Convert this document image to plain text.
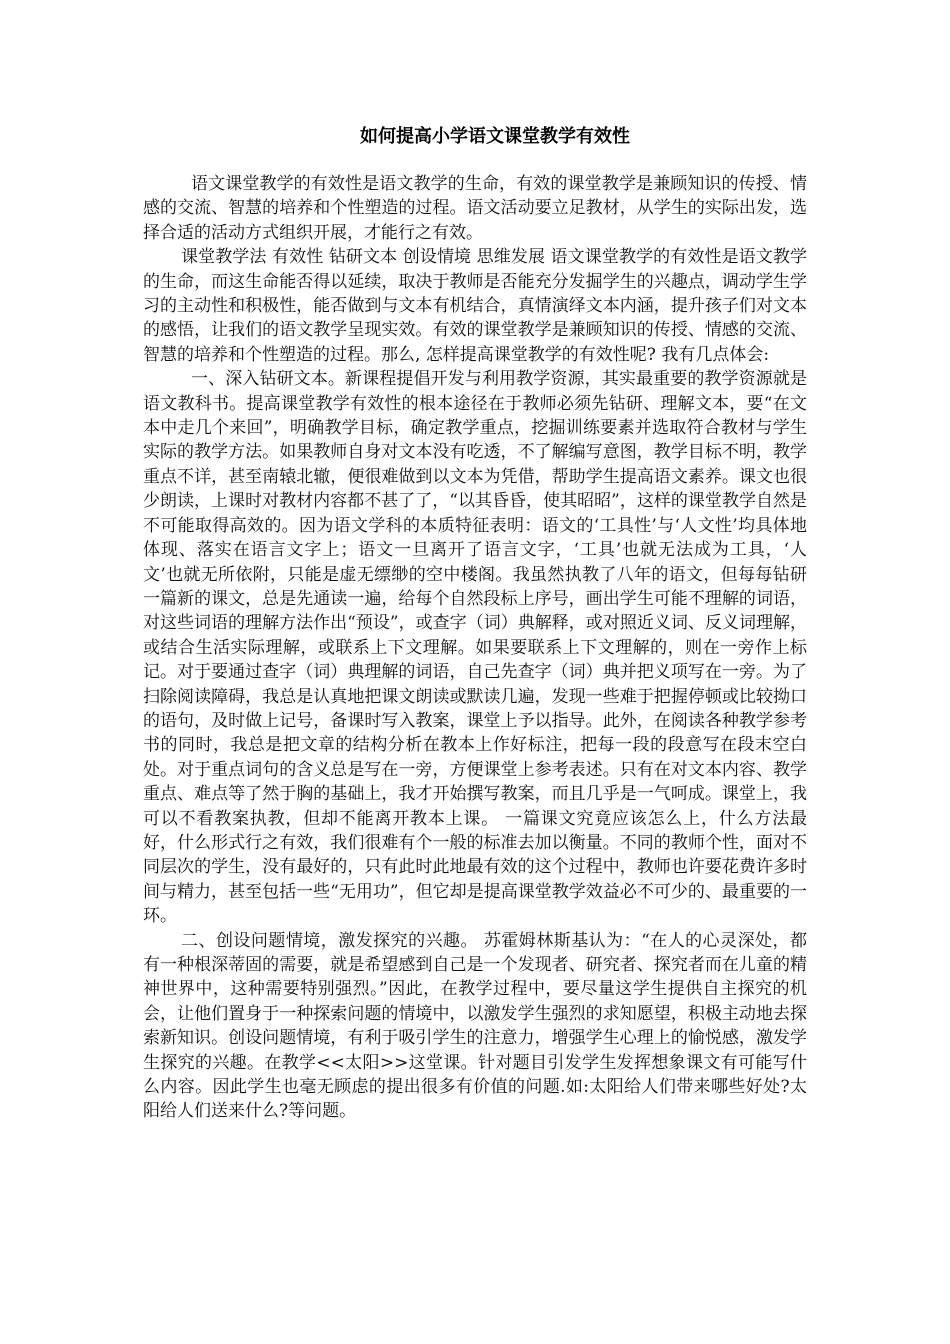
如何提高小学语文课堂教学有效性

语文课堂教学的有效性是语文教学的生命，有效的课堂教学是兼顾知识的传授、情感的交流、智慧的培养和个性塑造的过程。语文活动要立足教材，从学生的实际出发，选择合适的活动方式组织开展，才能行之有效。

课堂教学法 有效性 钻研文本 创设情境 思维发展 语文课堂教学的有效性是语文教学的生命，而这生命能否得以延续，取决于教师是否能充分发掘学生的兴趣点，调动学生学习的主动性和积极性，能否做到与文本有机结合，真情演绎文本内涵，提升孩子们对文本的感悟，让我们的语文教学呈现实效。有效的课堂教学是兼顾知识的传授、情感的交流、智慧的培养和个性塑造的过程。那么, 怎样提高课堂教学的有效性呢? 我有几点体会:

一、深入钻研文本。新课程提倡开发与利用教学资源，其实最重要的教学资源就是语文教科书。提高课堂教学有效性的根本途径在于教师必须先钻研、理解文本，要“在文本中走几个来回”，明确教学目标，确定教学重点，挖掘训练要素并选取符合教材与学生实际的教学方法。如果教师自身对文本没有吃透，不了解编写意图，教学目标不明，教学重点不详，甚至南辕北辙，便很难做到以文本为凭借，帮助学生提高语文素养。课文也很少朗读，上课时对教材内容都不甚了了，“以其昏昏，使其昭昭”，这样的课堂教学自然是不可能取得高效的。因为语文学科的本质特征表明：语文的‘工具性’与‘人文性’均具体地体现、落实在语言文字上；语文一旦离开了语言文字，‘工具’也就无法成为工具，‘人文’也就无所依附，只能是虚无缥缈的空中楼阁。我虽然执教了八年的语文，但每每钻研一篇新的课文，总是先通读一遍，给每个自然段标上序号，画出学生可能不理解的词语，对这些词语的理解方法作出“预设”，或查字（词）典解释，或对照近义词、反义词理解，或结合生活实际理解，或联系上下文理解。如果要联系上下文理解的，则在一旁作上标记。对于要通过查字（词）典理解的词语，自己先查字（词）典并把义项写在一旁。为了扫除阅读障碍，我总是认真地把课文朗读或默读几遍，发现一些难于把握停顿或比较拗口的语句，及时做上记号，备课时写入教案，课堂上予以指导。此外，在阅读各种教学参考书的同时，我总是把文章的结构分析在教本上作好标注，把每一段的段意写在段末空白处。对于重点词句的含义总是写在一旁，方便课堂上参考表述。只有在对文本内容、教学重点、难点等了然于胸的基础上，我才开始撰写教案，而且几乎是一气呵成。课堂上，我可以不看教案执教，但却不能离开教本上课。 一篇课文究竟应该怎么上，什么方法最好，什么形式行之有效，我们很难有个一般的标准去加以衡量。不同的教师个性，面对不同层次的学生，没有最好的，只有此时此地最有效的这个过程中，教师也许要花费许多时间与精力，甚至包括一些“无用功”，但它却是提高课堂教学效益必不可少的、最重要的一环。

二、创设问题情境，激发探究的兴趣。 苏霍姆林斯基认为：“在人的心灵深处，都有一种根深蒂固的需要，就是希望感到自己是一个发现者、研究者、探究者而在儿童的精神世界中，这种需要特别强烈。”因此，在教学过程中，要尽量这学生提供自主探究的机会，让他们置身于一种探索问题的情境中，以激发学生强烈的求知愿望，积极主动地去探索新知识。创设问题情境，有利于吸引学生的注意力，增强学生心理上的愉悦感，激发学生探究的兴趣。在教学<<太阳>>这堂课。针对题目引发学生发挥想象课文有可能写什么内容。因此学生也毫无顾虑的提出很多有价值的问题.如:太阳给人们带来哪些好处?太阳给人们送来什么?等问题。
